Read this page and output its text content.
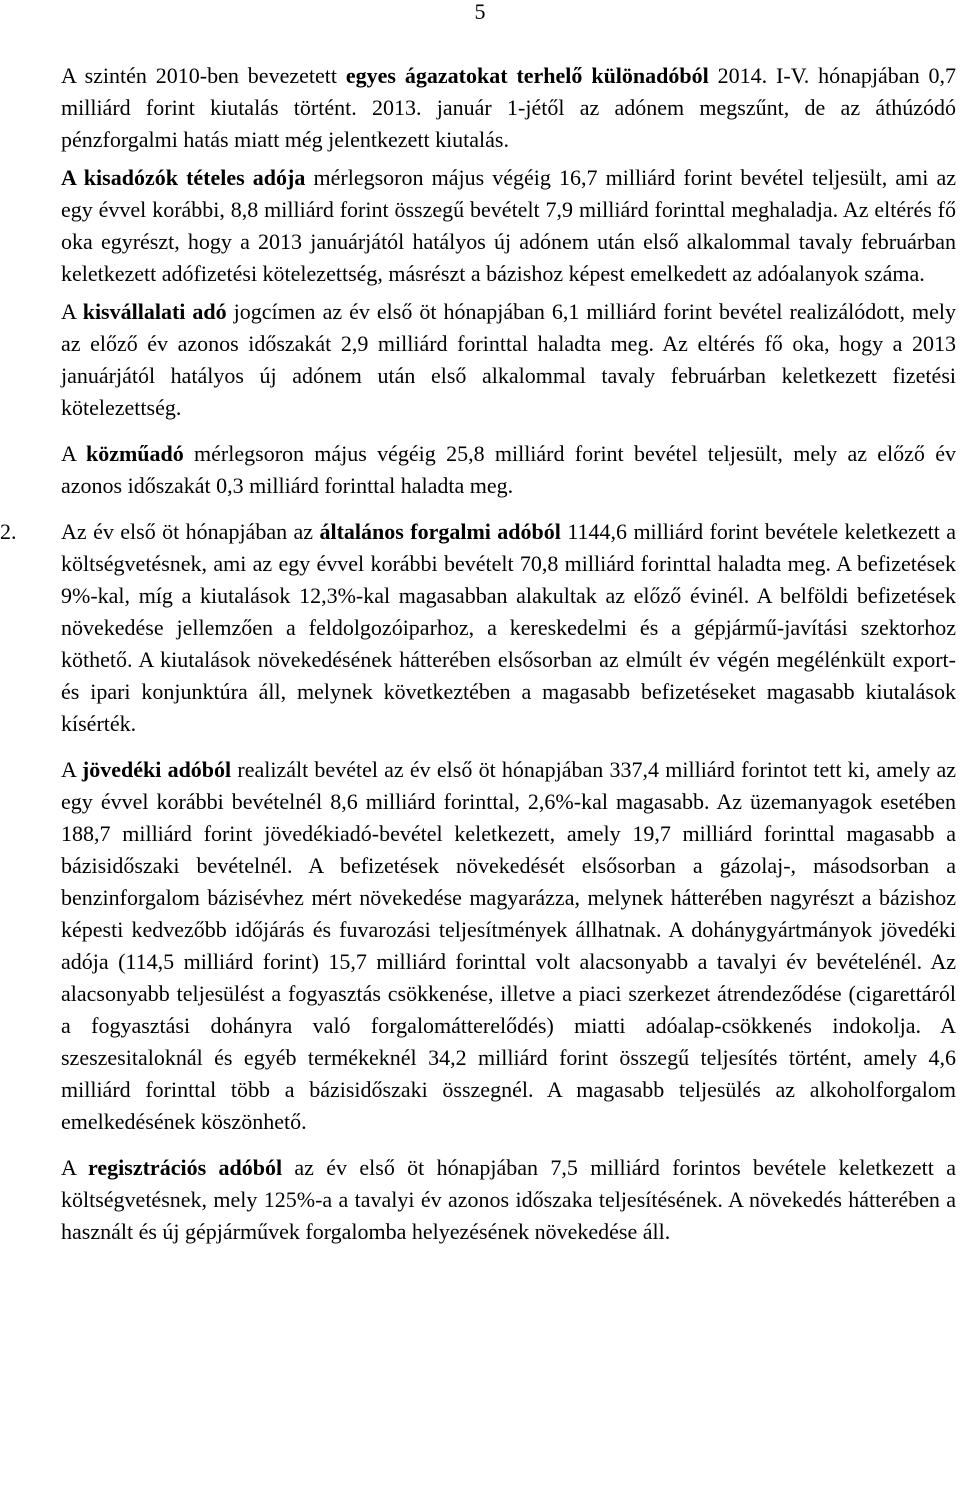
5

A szintén 2010-ben bevezetett egyes ágazatokat terhelő különadóból 2014. I-V. hónapjában 0,7 milliárd forint kiutalás történt. 2013. január 1-jétől az adónem megszűnt, de az áthúzódó pénzforgalmi hatás miatt még jelentkezett kiutalás.

A kisadózók tételes adója mérlegsoron május végéig 16,7 milliárd forint bevétel teljesült, ami az egy évvel korábbi, 8,8 milliárd forint összegű bevételt 7,9 milliárd forinttal meghaladja. Az eltérés fő oka egyrészt, hogy a 2013 januárjától hatályos új adónem után első alkalommal tavaly februárban keletkezett adófizetési kötelezettség, másrészt a bázishoz képest emelkedett az adóalanyok száma.

A kisvállalati adó jogcímen az év első öt hónapjában 6,1 milliárd forint bevétel realizálódott, mely az előző év azonos időszakát 2,9 milliárd forinttal haladta meg. Az eltérés fő oka, hogy a 2013 januárjától hatályos új adónem után első alkalommal tavaly februárban keletkezett fizetési kötelezettség.

A közműadó mérlegsoron május végéig 25,8 milliárd forint bevétel teljesült, mely az előző év azonos időszakát 0,3 milliárd forinttal haladta meg.

2. Az év első öt hónapjában az általános forgalmi adóból 1144,6 milliárd forint bevétele keletkezett a költségvetésnek, ami az egy évvel korábbi bevételt 70,8 milliárd forinttal haladta meg. A befizetések 9%-kal, míg a kiutalások 12,3%-kal magasabban alakultak az előző évinél. A belföldi befizetések növekedése jellemzően a feldolgozóiparhoz, a kereskedelmi és a gépjármű-javítási szektorhoz köthető. A kiutalások növekedésének hátterében elsősorban az elmúlt év végén megélénkült export- és ipari konjunktúra áll, melynek következtében a magasabb befizetéseket magasabb kiutalások kísérték.

A jövedéki adóból realizált bevétel az év első öt hónapjában 337,4 milliárd forintot tett ki, amely az egy évvel korábbi bevételnél 8,6 milliárd forinttal, 2,6%-kal magasabb. Az üzemanyagok esetében 188,7 milliárd forint jövedékiadó-bevétel keletkezett, amely 19,7 milliárd forinttal magasabb a bázisidőszaki bevételnél. A befizetések növekedését elsősorban a gázolaj-, másodsorban a benzinforgalom bázisévhez mért növekedése magyarázza, melynek hátterében nagyrészt a bázishoz képesti kedvezőbb időjárás és fuvarozási teljesítmények állhatnak. A dohánygyártmányok jövedéki adója (114,5 milliárd forint) 15,7 milliárd forinttal volt alacsonyabb a tavalyi év bevételénél. Az alacsonyabb teljesülést a fogyasztás csökkenése, illetve a piaci szerkezet átrendeződése (cigarettáról a fogyasztási dohányra való forgalomátterelődés) miatti adóalap-csökkenés indokolja. A szeszesitaloknál és egyéb termékeknél 34,2 milliárd forint összegű teljesítés történt, amely 4,6 milliárd forinttal több a bázisidőszaki összegnél. A magasabb teljesülés az alkoholforgalom emelkedésének köszönhető.

A regisztrációs adóból az év első öt hónapjában 7,5 milliárd forintos bevétele keletkezett a költségvetésnek, mely 125%-a a tavalyi év azonos időszaka teljesítésének. A növekedés hátterében a használt és új gépjárművek forgalomba helyezésének növekedése áll.
